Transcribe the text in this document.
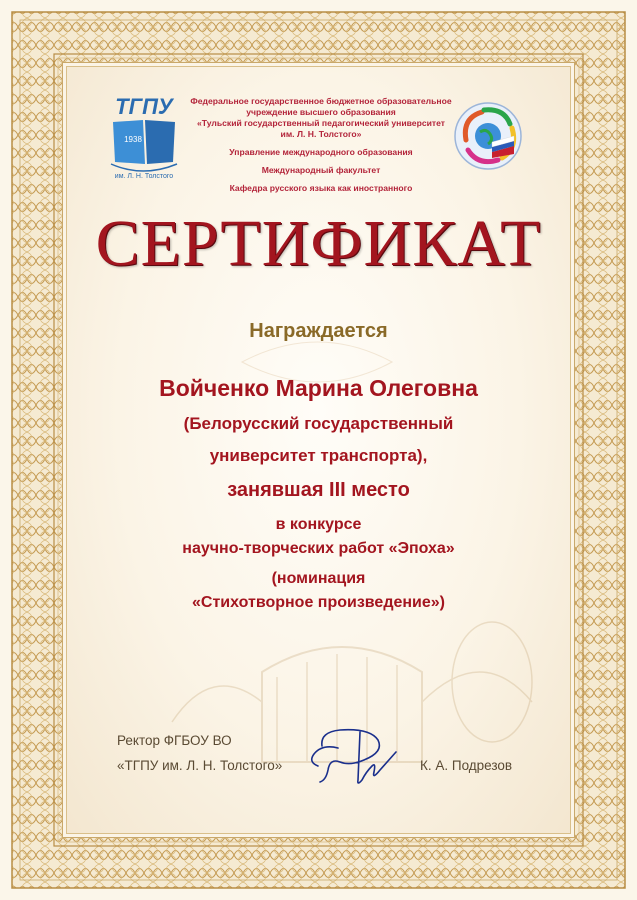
ТГПУ
1938
им. Л. Н. Толстого
Федеральное государственное бюджетное образовательное
учреждение высшего образования
«Тульский государственный педагогический университет
им. Л. Н. Толстого»
Управление международного образования
Международный факультет
Кафедра русского языка как иностранного
СЕРТИФИКАТ
Награждается
Войченко Марина Олеговна
(Белорусский государственный
университет транспорта),
занявшая III место
в конкурсе
научно-творческих работ «Эпоха»
(номинация
«Стихотворное произведение»)
Ректор ФГБОУ ВО
«ТГПУ им. Л. Н. Толстого»	К. А. Подрезов
